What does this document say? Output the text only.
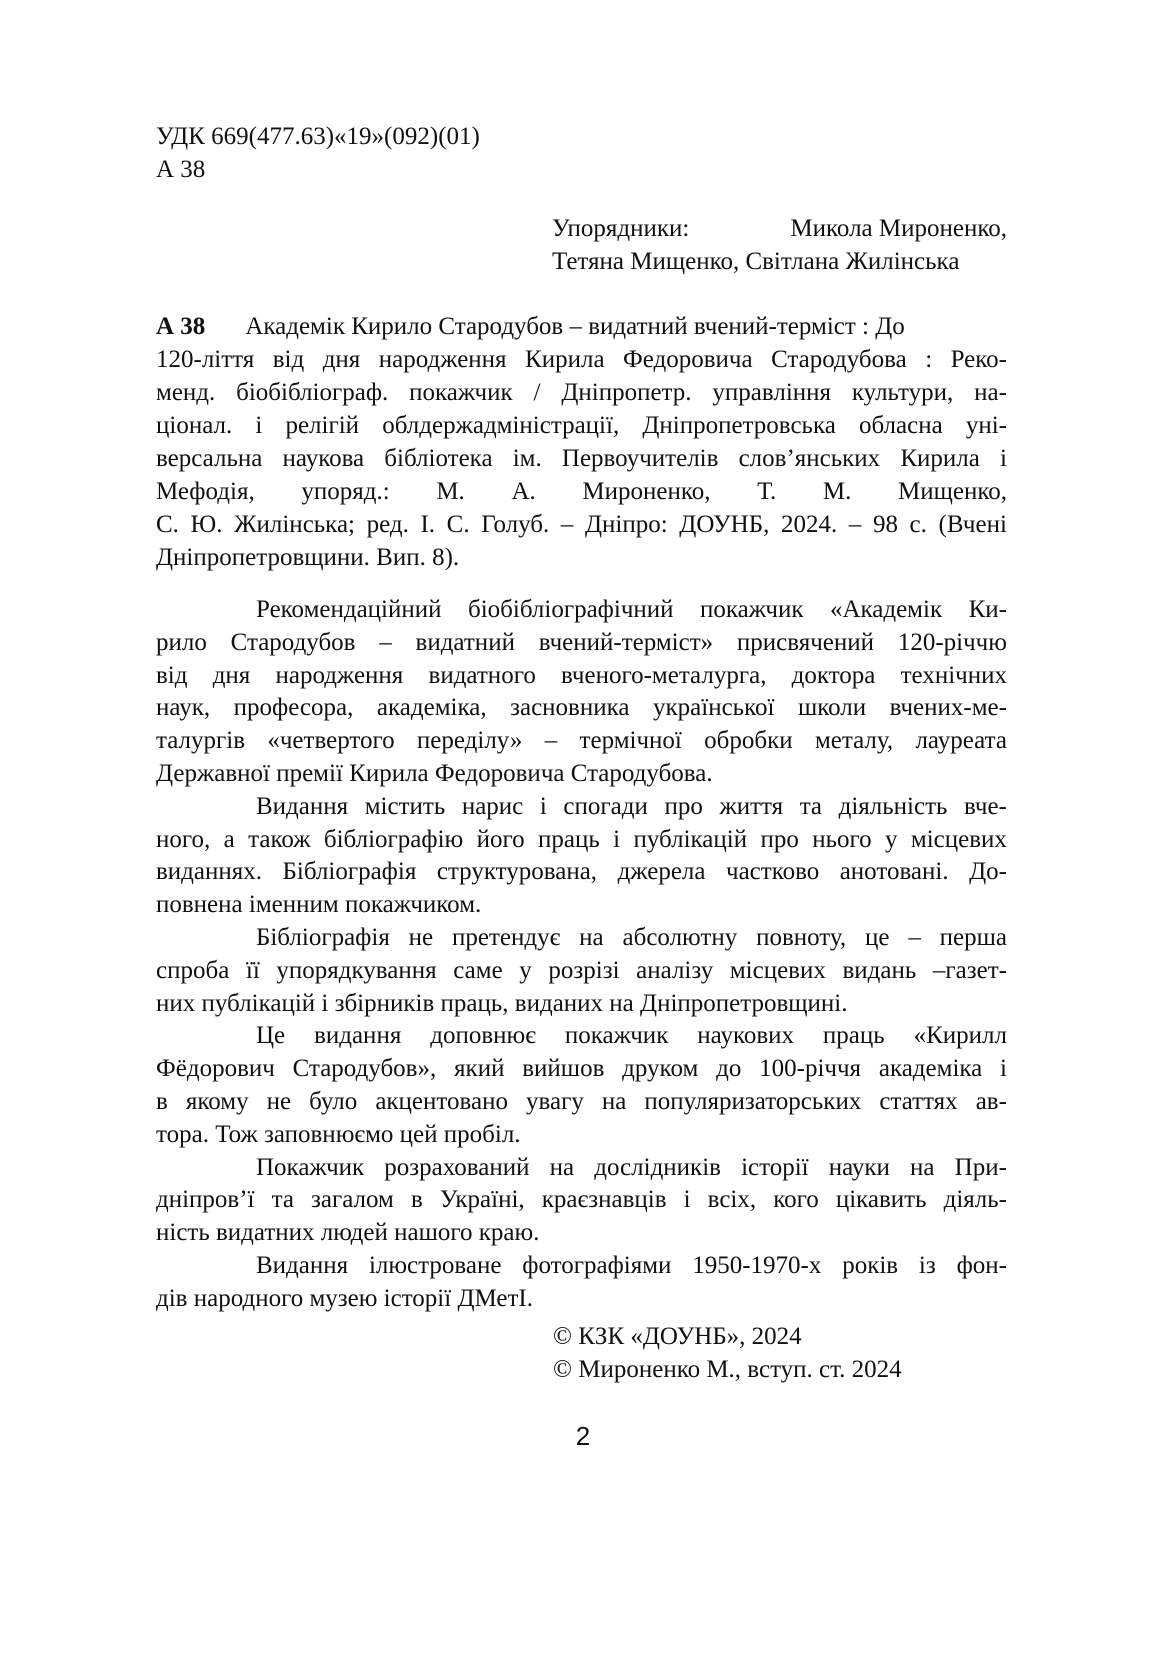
УДК 669(477.63)«19»(092)(01)
А 38
Упорядники:	Микола Мироненко,
Тетяна Мищенко, Світлана Жилінська
А 38 Академік Кирило Стародубов – видатний вчений-терміст : До
120-ліття від дня народження Кирила Федоровича Стародубова : Реко-
менд. біобібліограф. покажчик / Дніпропетр. управління культури, на-
ціонал. і релігій облдержадміністрації, Дніпропетровська обласна уні-
версальна наукова бібліотека ім. Первоучителів слов’янських Кирила і
Мефодія, упоряд.: М. А. Мироненко, Т. М. Мищенко,
С. Ю. Жилінська; ред. І. С. Голуб. – Дніпро: ДОУНБ, 2024. – 98 с. (Вчені
Дніпропетровщини. Вип. 8).
Рекомендаційний біобібліографічний покажчик «Академік Ки-
рило Стародубов – видатний вчений-терміст» присвячений 120-річчю
від дня народження видатного вченого-металурга, доктора технічних
наук, професора, академіка, засновника української школи вчених-ме-
талургів «четвертого переділу» – термічної обробки металу, лауреата
Державної премії Кирила Федоровича Стародубова.
Видання містить нарис і спогади про життя та діяльність вче-
ного, а також бібліографію його праць і публікацій про нього у місцевих
виданнях. Бібліографія структурована, джерела частково анотовані. До-
повнена іменним покажчиком.
Бібліографія не претендує на абсолютну повноту, це – перша
спроба її упорядкування саме у розрізі аналізу місцевих видань –газет-
них публікацій і збірників праць, виданих на Дніпропетровщині.
Це видання доповнює покажчик наукових праць «Кирилл
Фёдорович Стародубов», який вийшов друком до 100-річчя академіка і
в якому не було акцентовано увагу на популяризаторських статтях ав-
тора. Тож заповнюємо цей пробіл.
Покажчик розрахований на дослідників історії науки на При-
дніпров’ї та загалом в Україні, краєзнавців і всіх, кого цікавить діяль-
ність видатних людей нашого краю.
Видання ілюстроване фотографіями 1950-1970-х років із фон-
дів народного музею історії ДМетІ.
© КЗК «ДОУНБ», 2024
© Мироненко М., вступ. ст. 2024
2
